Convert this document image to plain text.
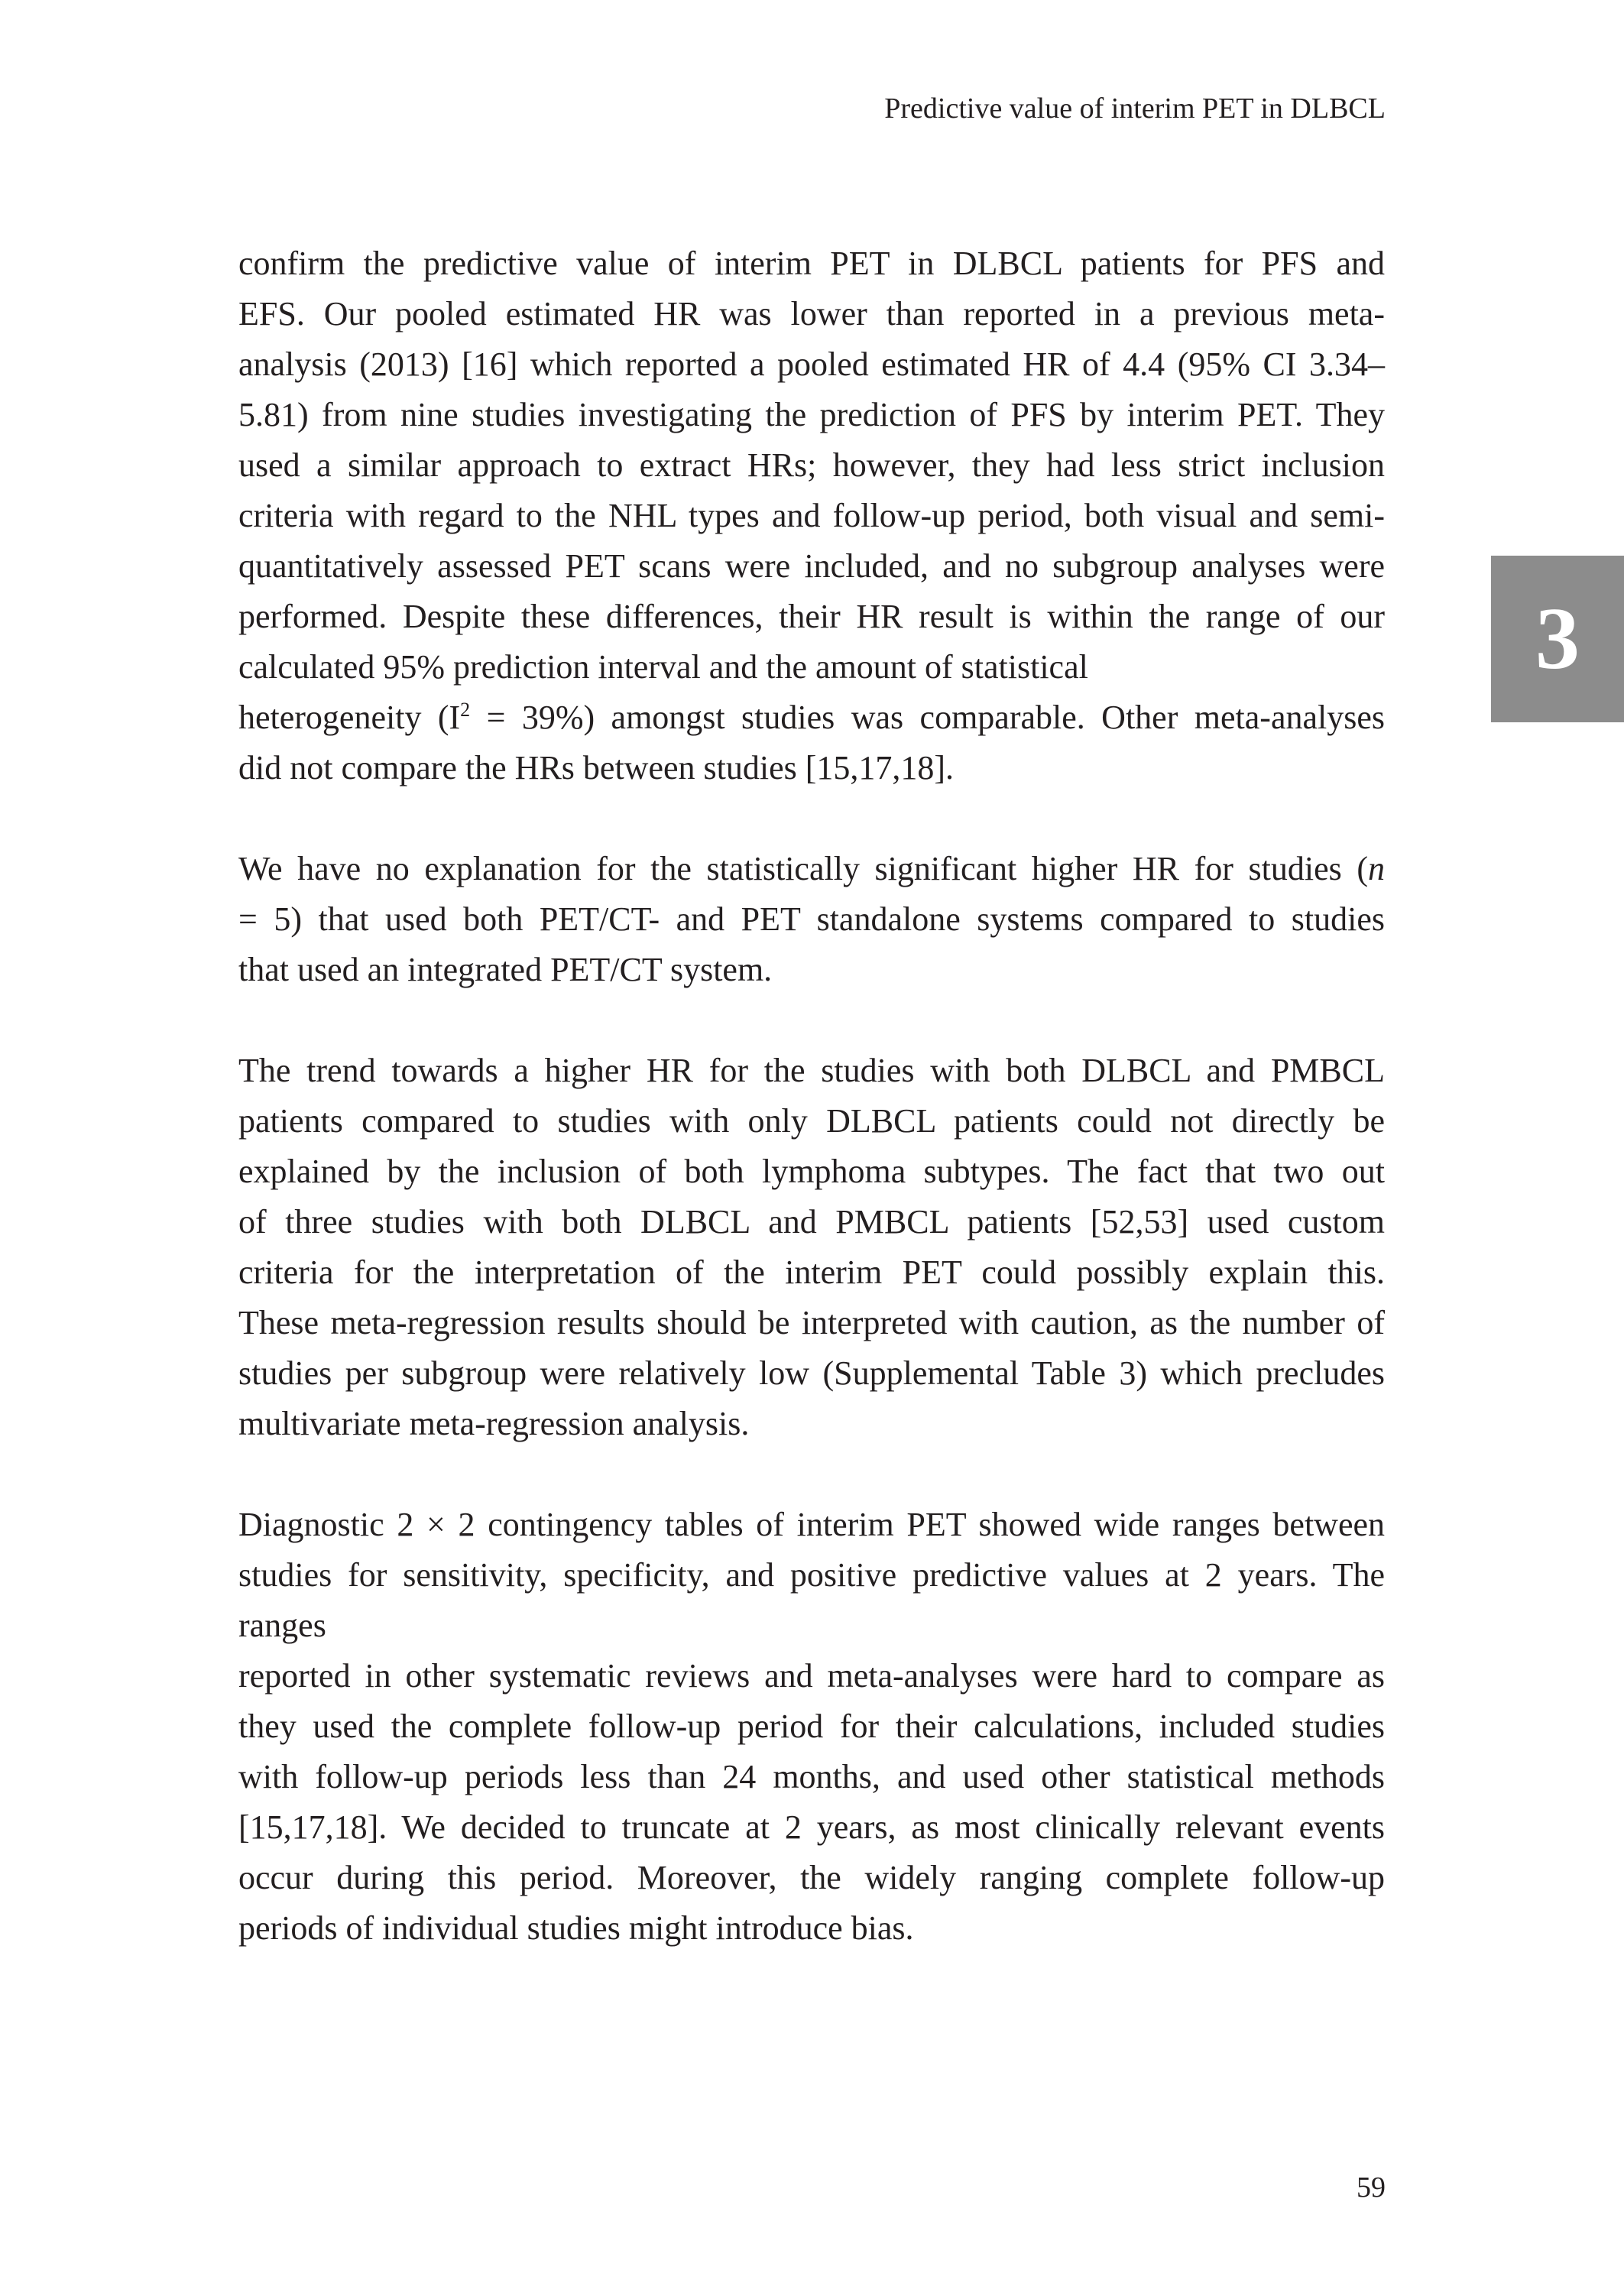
Predictive value of interim PET in DLBCL
3

confirm the predictive value of interim PET in DLBCL patients for PFS and
EFS. Our pooled estimated HR was lower than reported in a previous meta-
analysis (2013) [16] which reported a pooled estimated HR of 4.4 (95% CI 3.34–
5.81) from nine studies investigating the prediction of PFS by interim PET. They
used a similar approach to extract HRs; however, they had less strict inclusion
criteria with regard to the NHL types and follow-up period, both visual and semi-
quantitatively assessed PET scans were included, and no subgroup analyses were
performed. Despite these differences, their HR result is within the range of our
calculated 95% prediction interval and the amount of statistical
heterogeneity $(I^2 = 39\%)$ amongst studies was comparable. Other meta-analyses
did not compare the HRs between studies [15,17,18].

We have no explanation for the statistically significant higher HR for studies (n
= 5) that used both PET/CT- and PET standalone systems compared to studies
that used an integrated PET/CT system.

The trend towards a higher HR for the studies with both DLBCL and PMBCL
patients compared to studies with only DLBCL patients could not directly be
explained by the inclusion of both lymphoma subtypes. The fact that two out
of three studies with both DLBCL and PMBCL patients [52,53] used custom
criteria for the interpretation of the interim PET could possibly explain this.
These meta-regression results should be interpreted with caution, as the number of
studies per subgroup were relatively low (Supplemental Table 3) which precludes
multivariate meta-regression analysis.

Diagnostic 2 × 2 contingency tables of interim PET showed wide ranges between
studies for sensitivity, specificity, and positive predictive values at 2 years. The ranges
reported in other systematic reviews and meta-analyses were hard to compare as
they used the complete follow-up period for their calculations, included studies
with follow-up periods less than 24 months, and used other statistical methods
[15,17,18]. We decided to truncate at 2 years, as most clinically relevant events
occur during this period. Moreover, the widely ranging complete follow-up
periods of individual studies might introduce bias.

59
